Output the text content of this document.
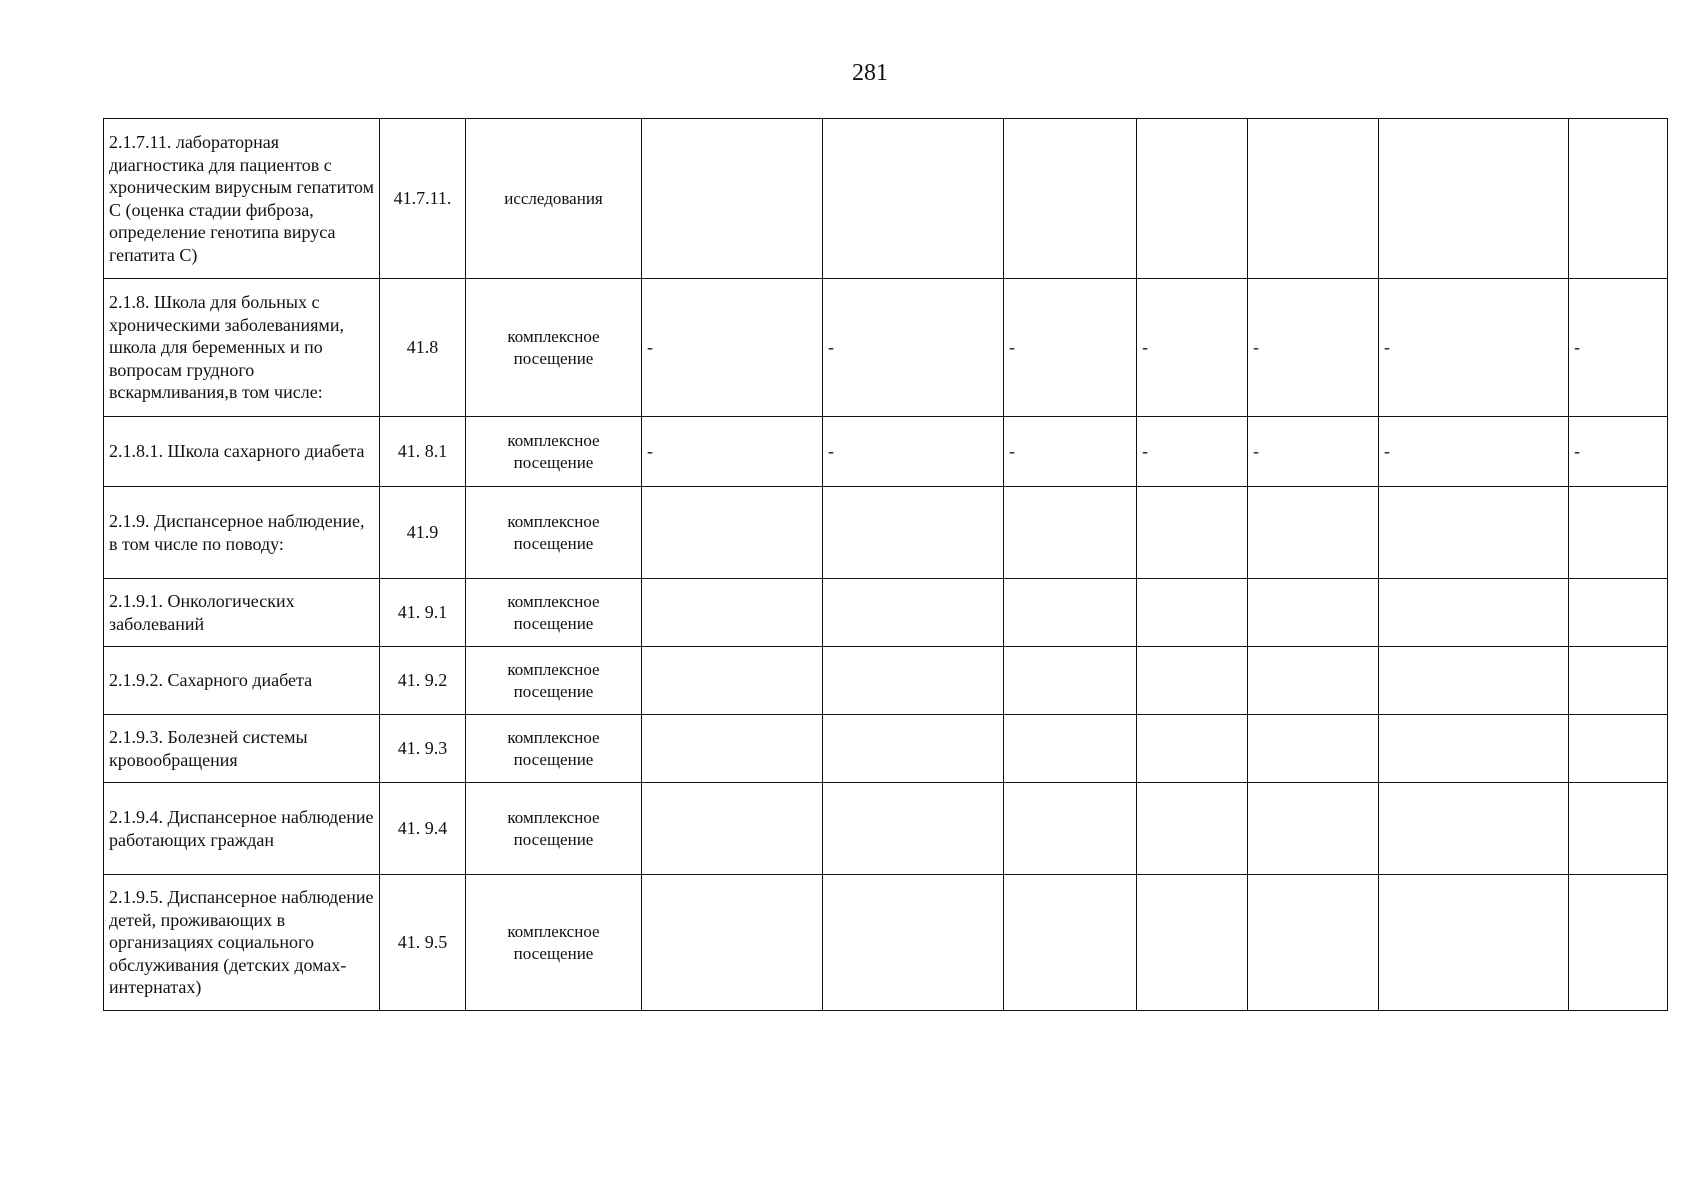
281
2.1.7.11. лабораторная диагностика для пациентов с хроническим вирусным гепатитом С (оценка стадии фиброза, определение генотипа вируса гепатита С)	41.7.11.	исследования							
2.1.8. Школа для больных с хроническими заболеваниями, школа для беременных и по вопросам грудного вскармливания,в том числе:	41.8	комплексное посещение	-	-	-	-	-	-	-
2.1.8.1. Школа сахарного диабета	41. 8.1	комплексное посещение	-	-	-	-	-	-	-
2.1.9. Диспансерное наблюдение, в том числе по поводу:	41.9	комплексное посещение							
2.1.9.1. Онкологических заболеваний	41. 9.1	комплексное посещение							
2.1.9.2. Сахарного диабета	41. 9.2	комплексное посещение							
2.1.9.3. Болезней системы кровообращения	41. 9.3	комплексное посещение							
2.1.9.4. Диспансерное наблюдение работающих граждан	41. 9.4	комплексное посещение							
2.1.9.5. Диспансерное наблюдение детей, проживающих в организациях социального обслуживания (детских домах- интернатах)	41. 9.5	комплексное посещение							
